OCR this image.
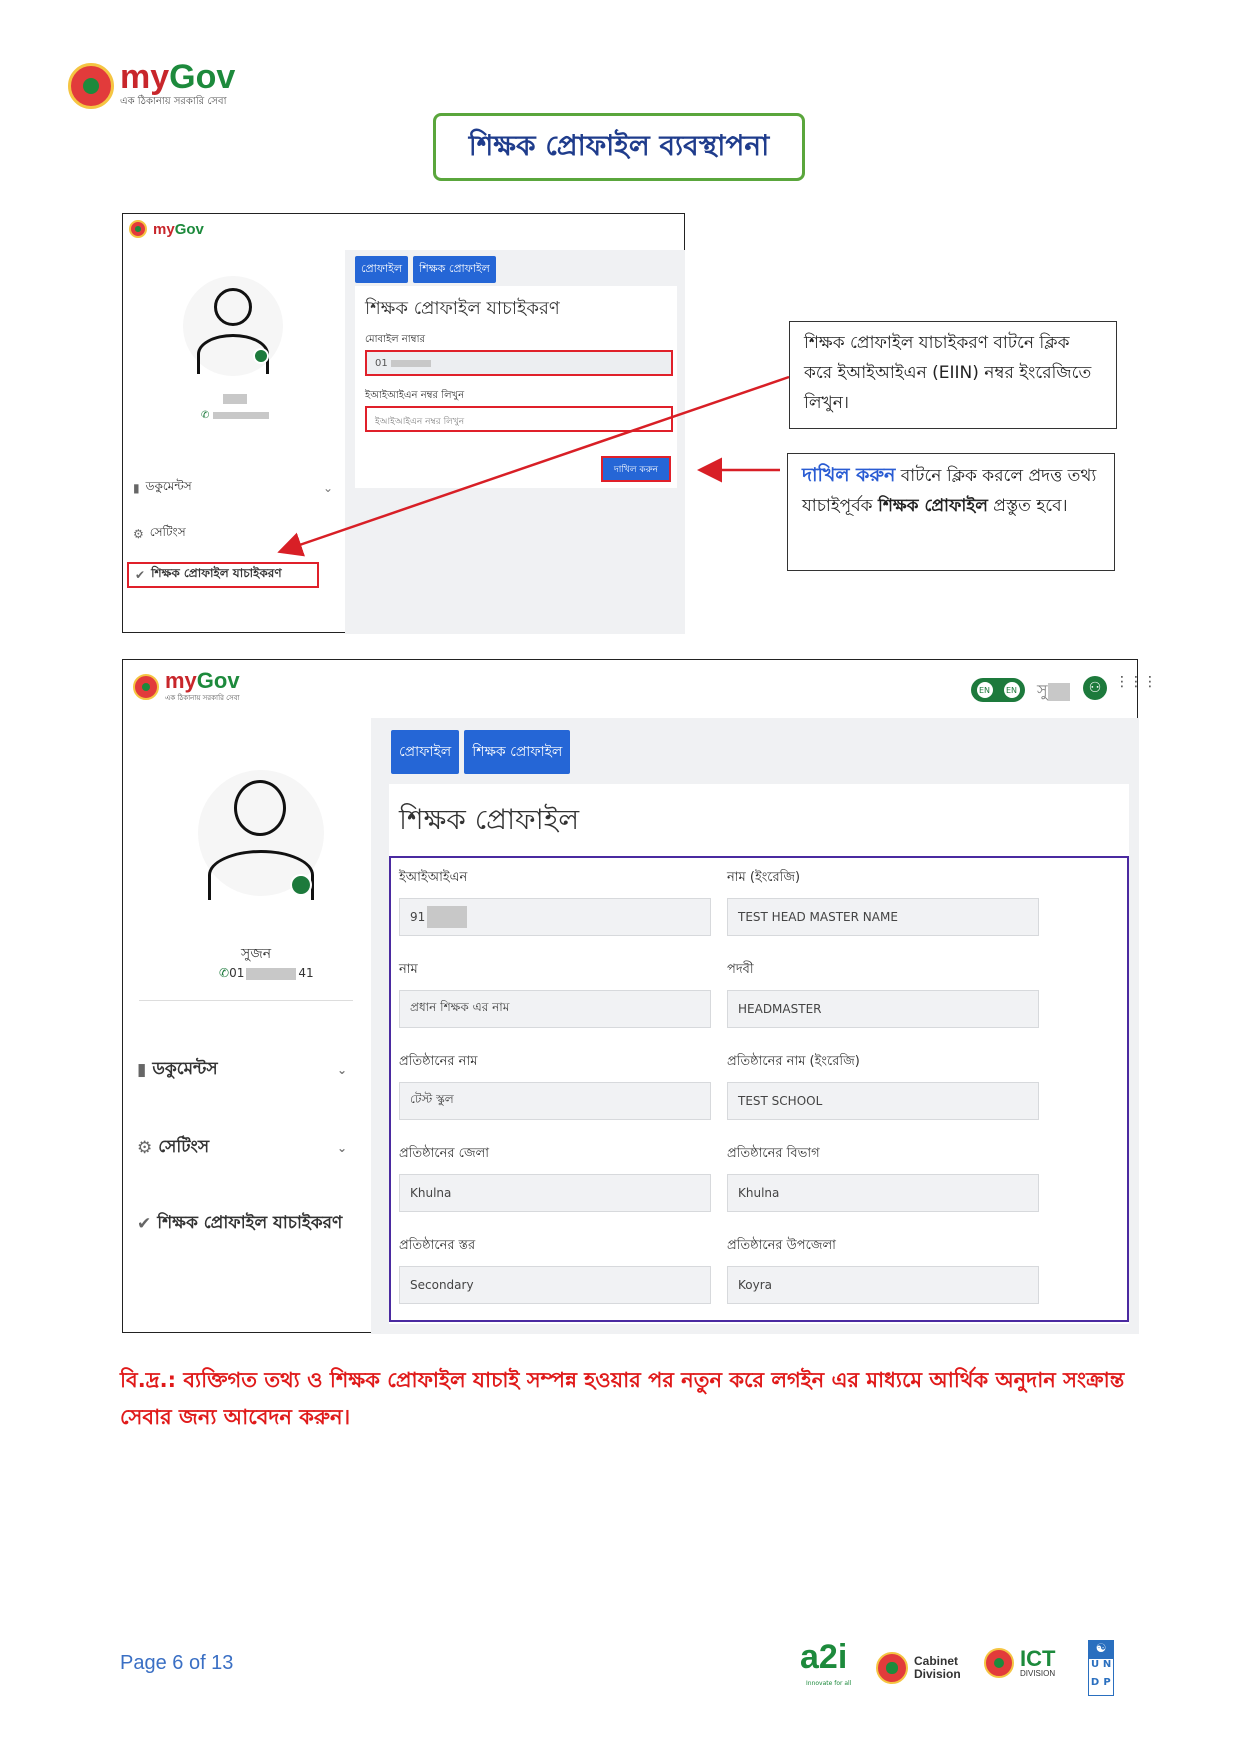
myGov
এক ঠিকানায় সরকারি সেবা
শিক্ষক প্রোফাইল ব্যবস্থাপনা
myGov
✆
▮ ডকুমেন্টস	⌄
⚙ সেটিংস
✔ শিক্ষক প্রোফাইল যাচাইকরণ
প্রোফাইল শিক্ষক প্রোফাইল
শিক্ষক প্রোফাইল যাচাইকরণ
মোবাইল নাম্বার
01
ইআইআইএন নম্বর লিখুন
ইআইআইএন নম্বর লিখুন
দাখিল করুন
শিক্ষক প্রোফাইল যাচাইকরণ বাটনে ক্লিক করে ইআইআইএন (EIIN) নম্বর ইংরেজিতে লিখুন।
দাখিল করুন বাটনে ক্লিক করলে প্রদত্ত তথ্য যাচাইপূর্বক শিক্ষক প্রোফাইল প্রস্তুত হবে।
myGov
এক ঠিকানায় সরকারি সেবা
EN	EN সু	⚇ ⋮⋮⋮
সুজন
✆01	41
▮ ডকুমেন্টস	⌄
⚙ সেটিংস	⌄
✔ শিক্ষক প্রোফাইল যাচাইকরণ
প্রোফাইল শিক্ষক প্রোফাইল
শিক্ষক প্রোফাইল
ইআইআইএন
91
নাম (ইংরেজি)
TEST HEAD MASTER NAME
নাম
প্রধান শিক্ষক এর নাম
পদবী
HEADMASTER
প্রতিষ্ঠানের নাম
টেস্ট স্কুল
প্রতিষ্ঠানের নাম (ইংরেজি)
TEST SCHOOL
প্রতিষ্ঠানের জেলা
Khulna
প্রতিষ্ঠানের বিভাগ
Khulna
প্রতিষ্ঠানের স্তর
Secondary
প্রতিষ্ঠানের উপজেলা
Koyra
বি.দ্র.: ব্যক্তিগত তথ্য ও শিক্ষক প্রোফাইল যাচাই সম্পন্ন হওয়ার পর নতুন করে লগইন এর মাধ্যমে আর্থিক অনুদান সংক্রান্ত সেবার জন্য আবেদন করুন।
Page 6 of 13	a2i
Innovate for all
Cabinet
Division
ICT
DIVISION
☯
U N
D P
